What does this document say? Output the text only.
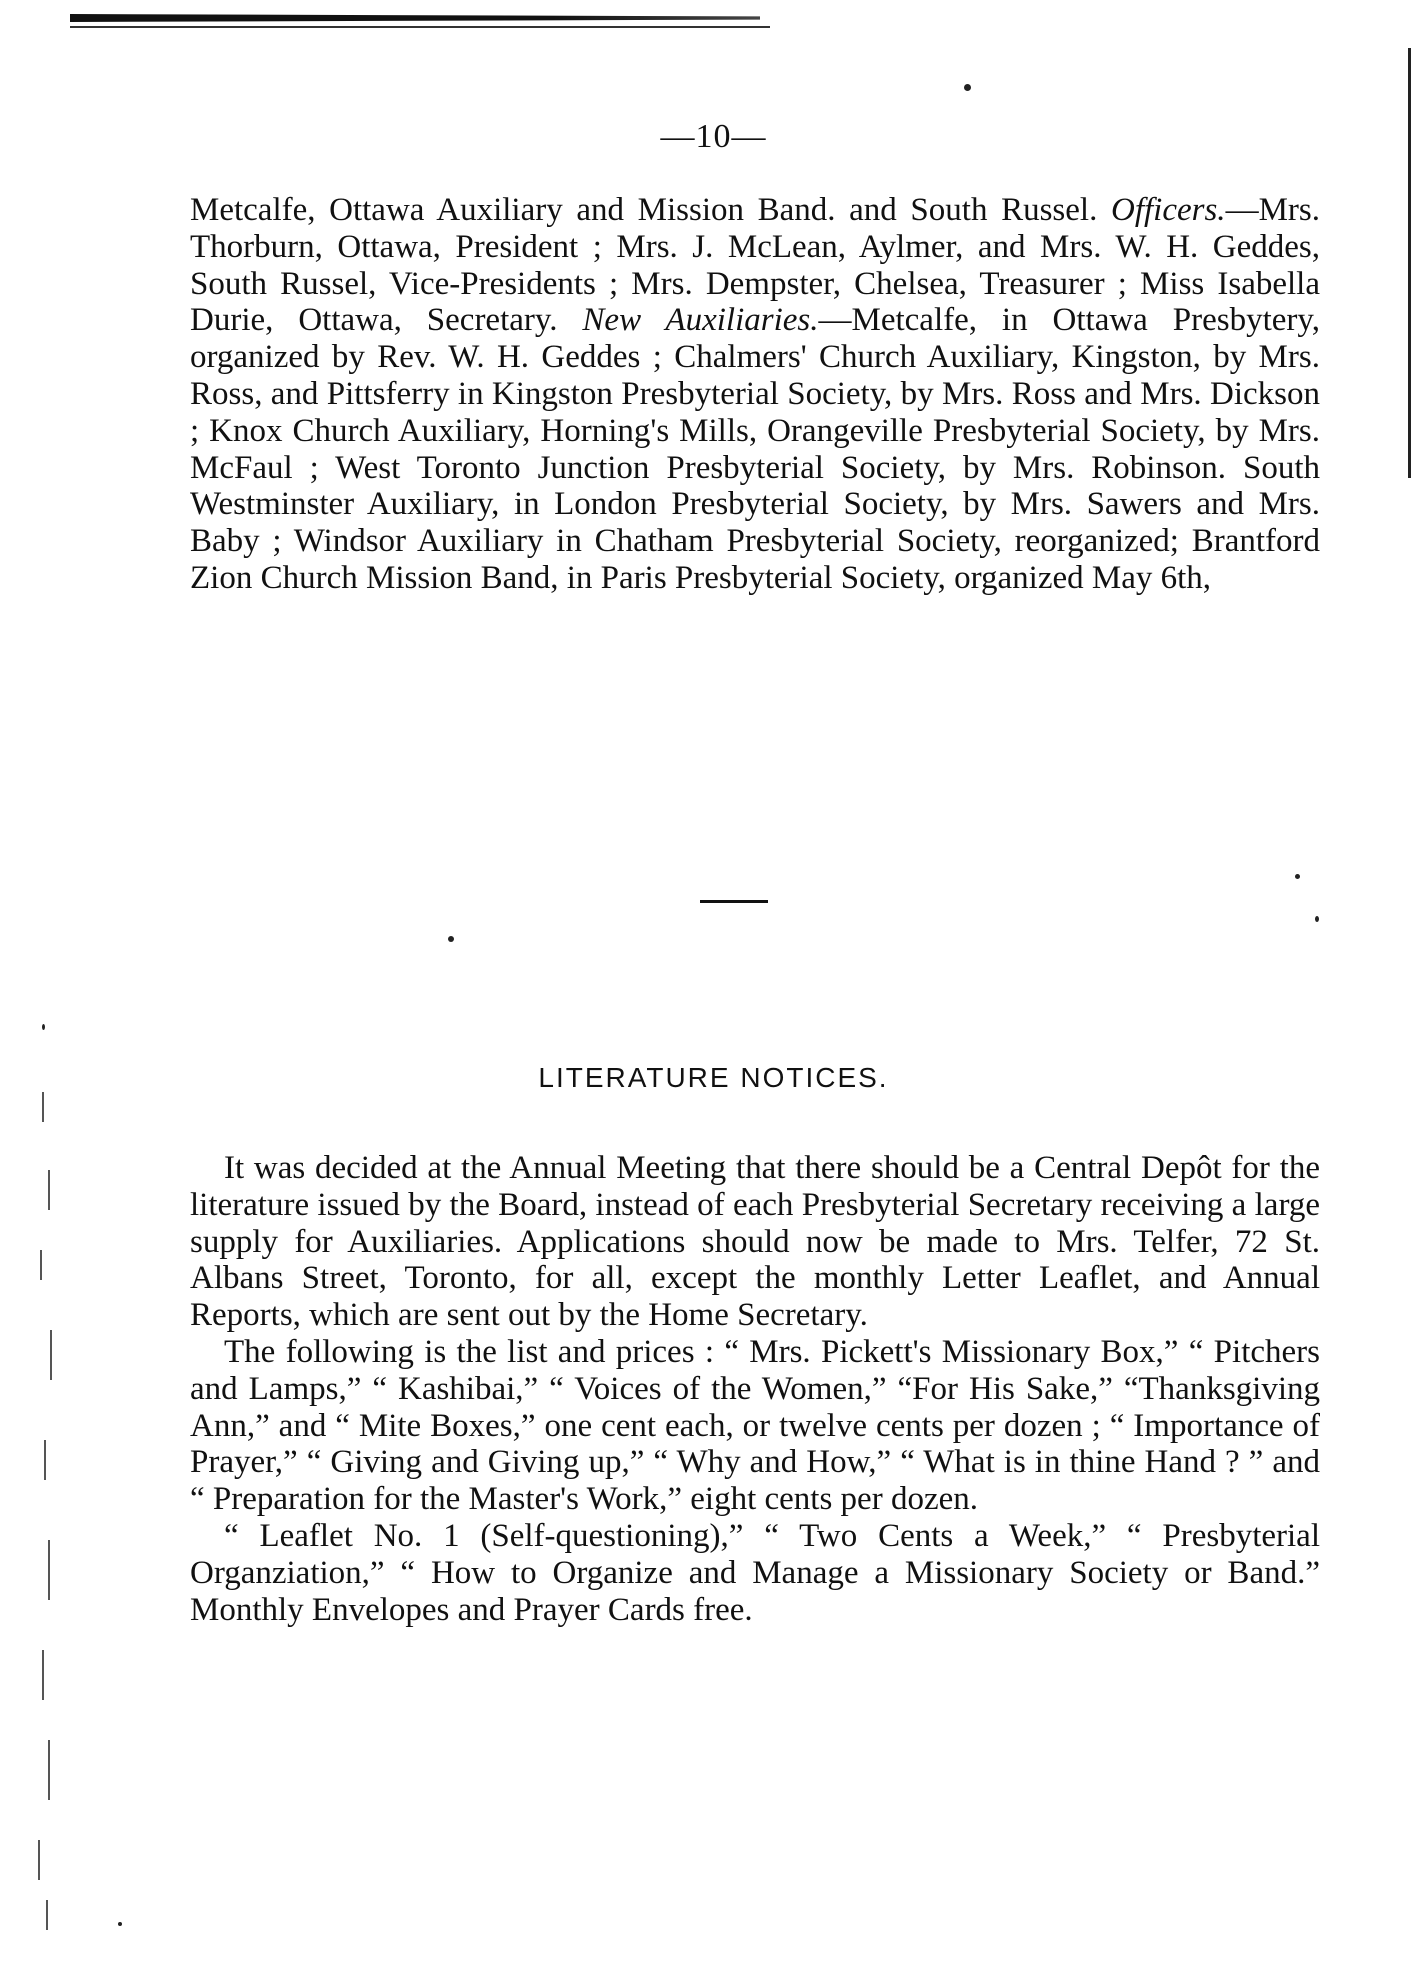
—10—

Metcalfe, Ottawa Auxiliary and Mission Band. and South Russel. Officers.—Mrs. Thorburn, Ottawa, President ; Mrs. J. McLean, Aylmer, and Mrs. W. H. Geddes, South Russel, Vice-Presidents ; Mrs. Dempster, Chelsea, Treasurer ; Miss Isabella Durie, Ottawa, Secretary. New Auxiliaries.—Metcalfe, in Ottawa Presbytery, organized by Rev. W. H. Geddes ; Chalmers' Church Auxiliary, Kingston, by Mrs. Ross, and Pittsferry in Kingston Presbyterial Society, by Mrs. Ross and Mrs. Dickson ; Knox Church Auxiliary, Horning's Mills, Orangeville Presbyterial Society, by Mrs. McFaul ; West Toronto Junction Presbyterial Society, by Mrs. Robinson. South Westminster Auxiliary, in London Presbyterial Society, by Mrs. Sawers and Mrs. Baby ; Windsor Auxiliary in Chatham Presbyterial Society, reorganized; Brantford Zion Church Mission Band, in Paris Presbyterial Society, organized May 6th,

LITERATURE NOTICES.

It was decided at the Annual Meeting that there should be a Central Depôt for the literature issued by the Board, instead of each Presbyterial Secretary receiving a large supply for Auxiliaries. Applications should now be made to Mrs. Telfer, 72 St. Albans Street, Toronto, for all, except the monthly Letter Leaflet, and Annual Reports, which are sent out by the Home Secretary.

The following is the list and prices : “ Mrs. Pickett's Missionary Box,” “ Pitchers and Lamps,” “ Kashibai,” “ Voices of the Women,” “For His Sake,” “Thanksgiving Ann,” and “ Mite Boxes,” one cent each, or twelve cents per dozen ; “ Importance of Prayer,” “ Giving and Giving up,” “ Why and How,” “ What is in thine Hand ? ” and “ Preparation for the Master's Work,” eight cents per dozen.

“ Leaflet No. 1 (Self-questioning),” “ Two Cents a Week,” “ Presbyterial Organziation,” “ How to Organize and Manage a Missionary Society or Band.” Monthly Envelopes and Prayer Cards free.
